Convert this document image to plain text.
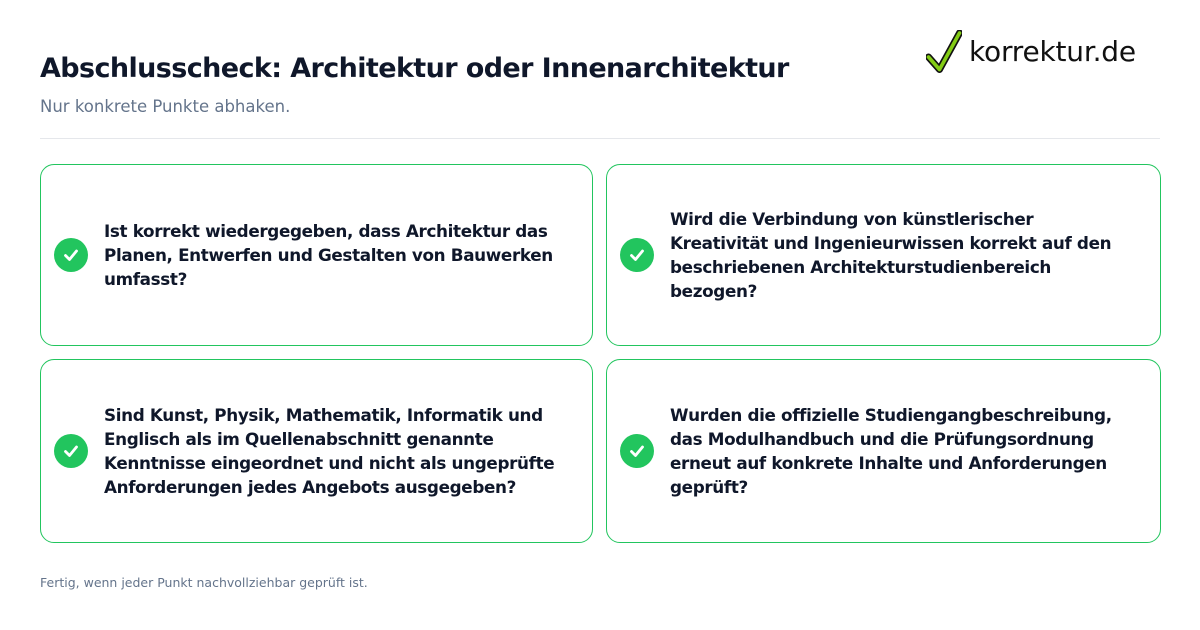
Abschlusscheck: Architektur oder Innenarchitektur

Nur konkrete Punkte abhaken.

korrektur.de

Ist korrekt wiedergegeben, dass Architektur das Planen, Entwerfen und Gestalten von Bauwerken umfasst?

Wird die Verbindung von künstlerischer Kreativität und Ingenieurwissen korrekt auf den beschriebenen Architekturstudienbereich bezogen?

Sind Kunst, Physik, Mathematik, Informatik und Englisch als im Quellenabschnitt genannte Kenntnisse eingeordnet und nicht als ungeprüfte Anforderungen jedes Angebots ausgegeben?

Wurden die offizielle Studiengangbeschreibung, das Modulhandbuch und die Prüfungsordnung erneut auf konkrete Inhalte und Anforderungen geprüft?

Fertig, wenn jeder Punkt nachvollziehbar geprüft ist.
